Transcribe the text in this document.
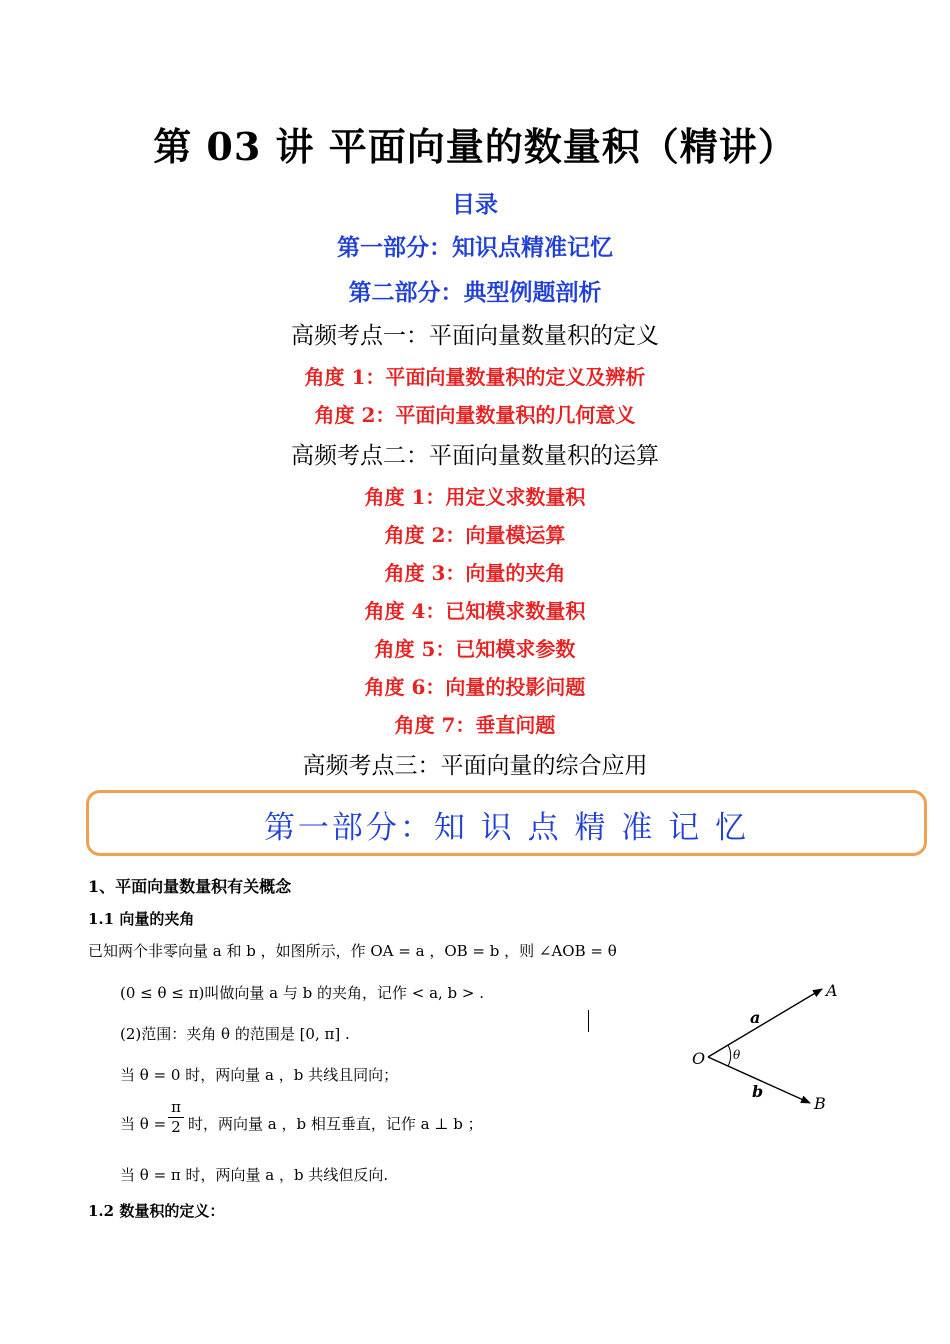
第 03 讲 平面向量的数量积（精讲）
目录
第一部分：知识点精准记忆
第二部分：典型例题剖析
高频考点一：平面向量数量积的定义
角度 1：平面向量数量积的定义及辨析
角度 2：平面向量数量积的几何意义
高频考点二：平面向量数量积的运算
角度 1：用定义求数量积
角度 2：向量模运算
角度 3：向量的夹角
角度 4：已知模求数量积
角度 5：已知模求参数
角度 6：向量的投影问题
角度 7：垂直问题
高频考点三：平面向量的综合应用
第一部分：知 识 点 精 准 记 忆
1、平面向量数量积有关概念
1.1 向量的夹角
已知两个非零向量 a 和 b ，如图所示，作 OA = a ，OB = b ，则 ∠AOB = θ
(0 ≤ θ ≤ π)叫做向量 a 与 b 的夹角，记作 < a, b > .
(2)范围：夹角 θ 的范围是 [0, π] .
当 θ = 0 时，两向量 a ，b 共线且同向；
当 $\theta = \frac{\pi}{2}$ 时，两向量 a ，b 相互垂直，记作 a ⊥ b ；
当 θ = π 时，两向量 a ，b 共线但反向.
1.2 数量积的定义：
a
A
O θ
b
B
